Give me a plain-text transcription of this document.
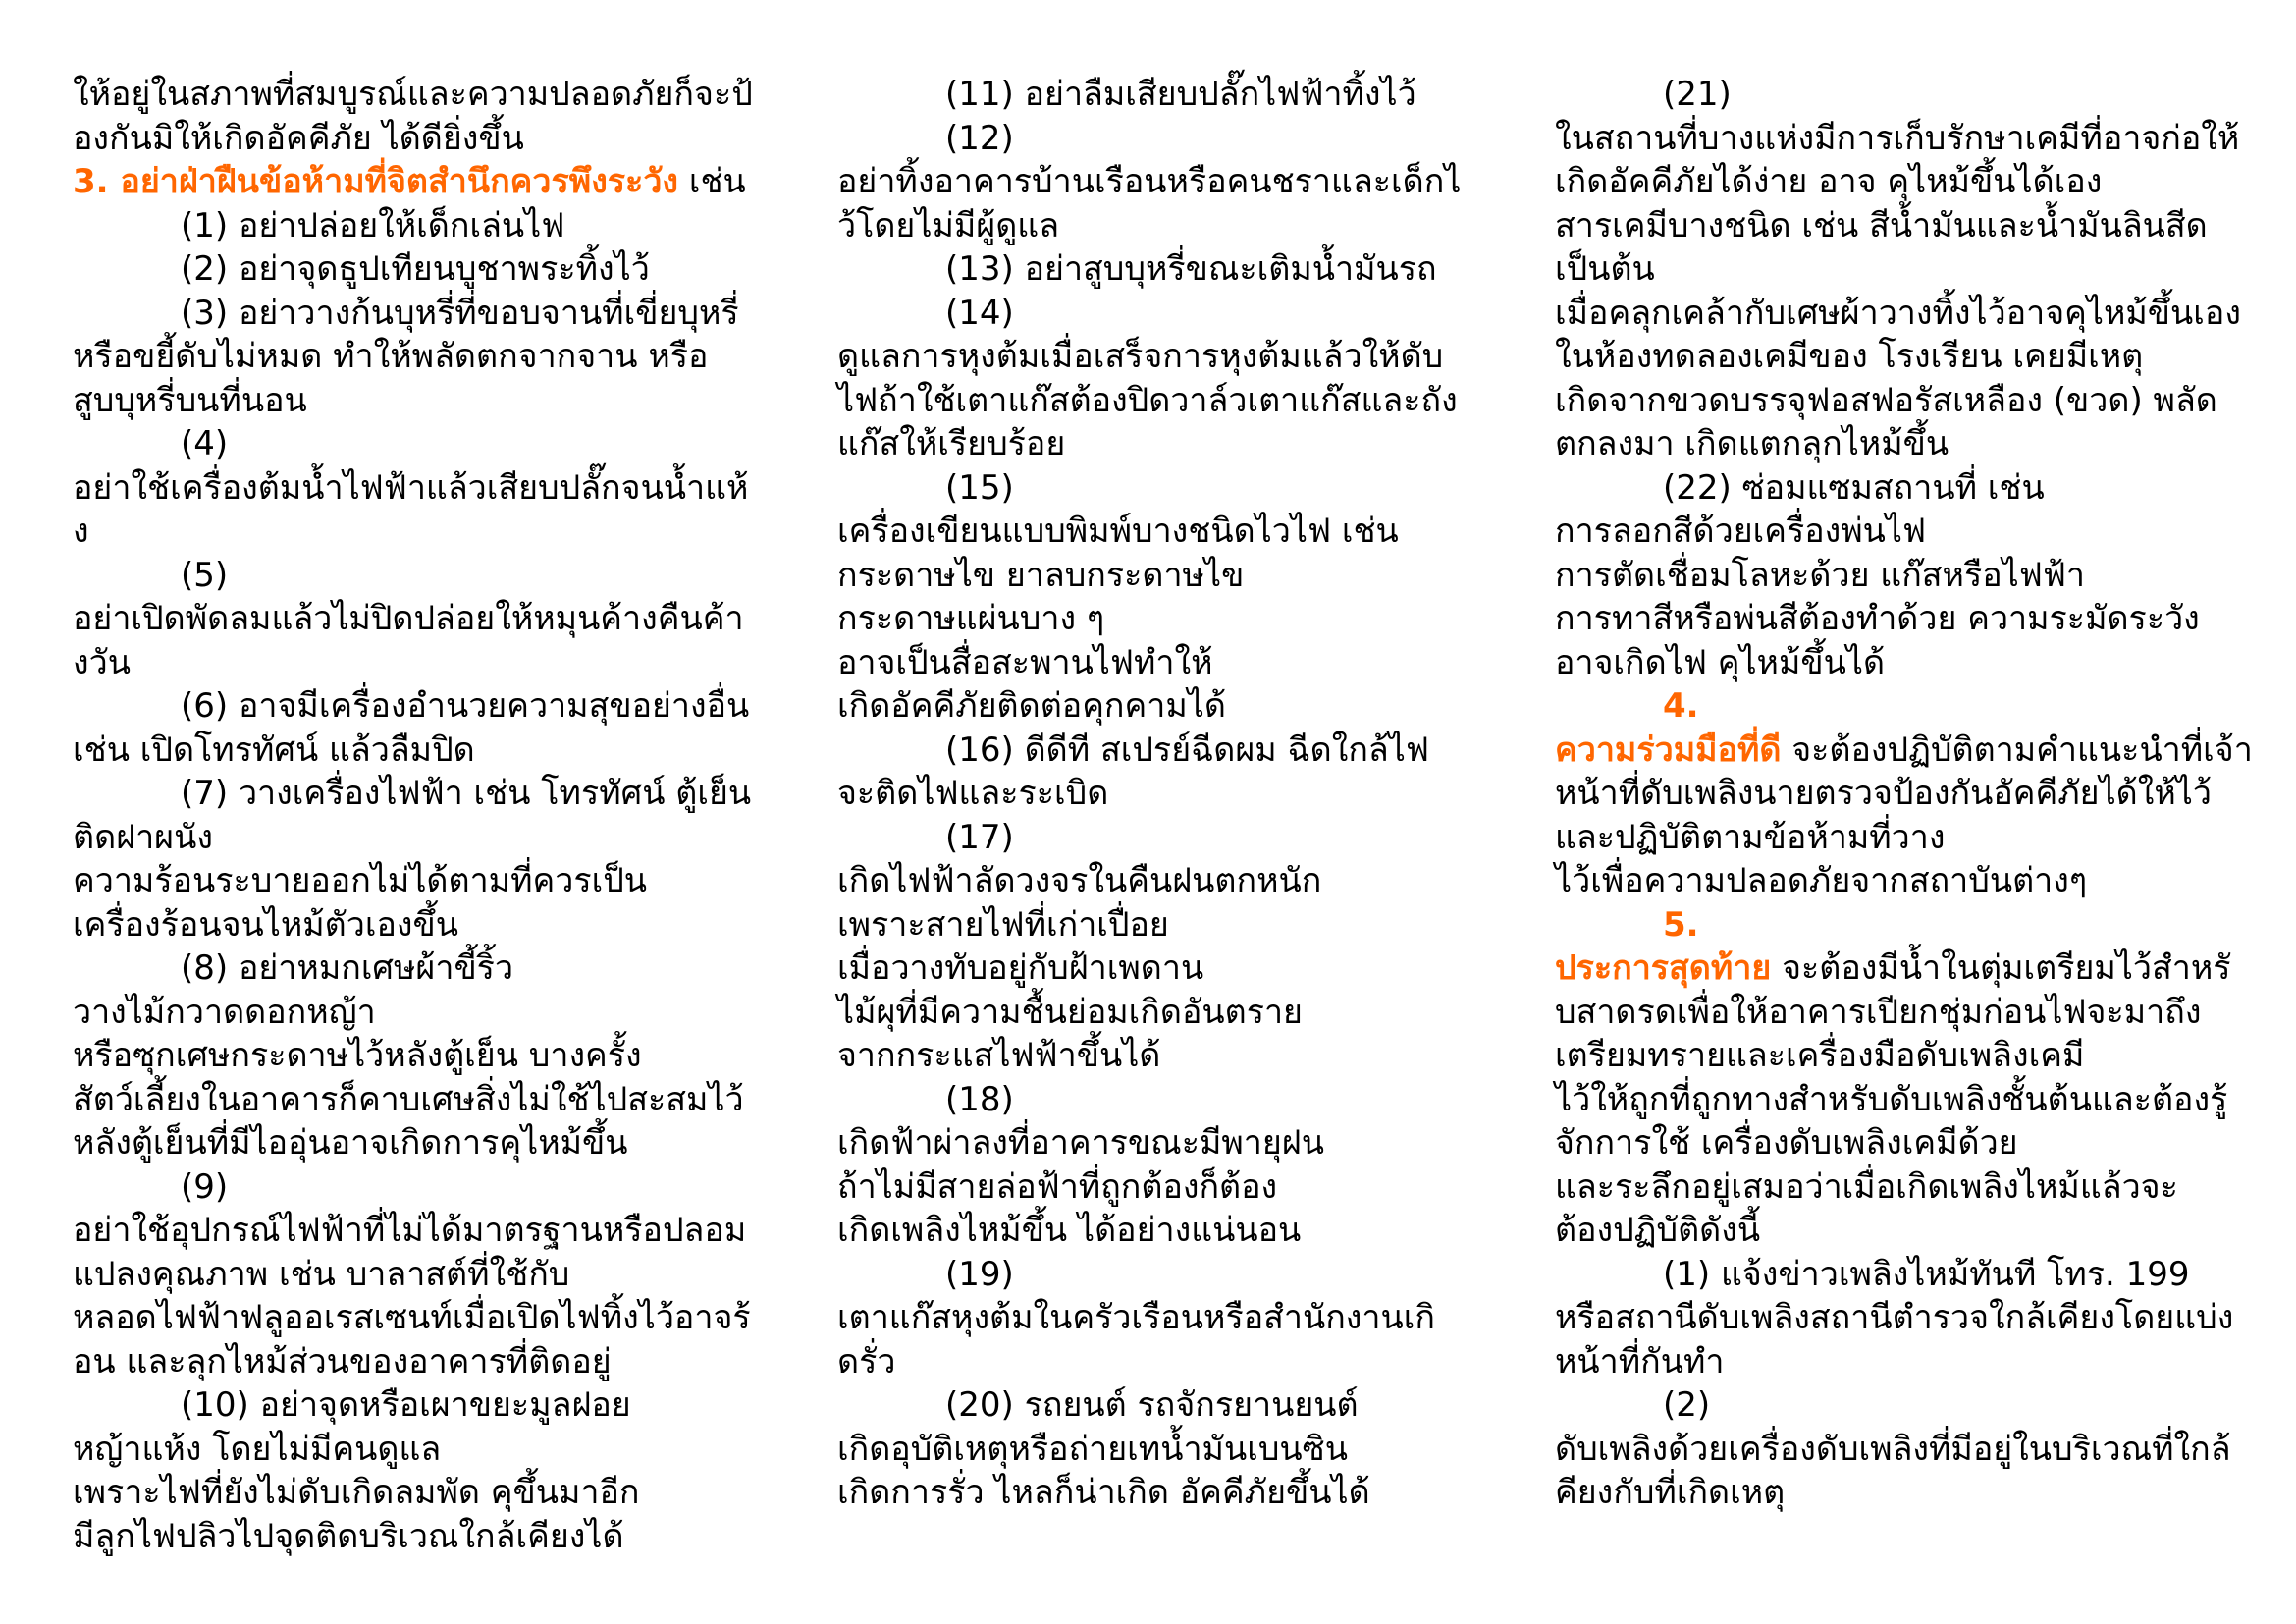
ให้อยู่ในสภาพที่สมบูรณ์และความปลอดภัยก็จะป้
องกันมิให้เกิดอัคคีภัย ได้ดียิ่งขึ้น
3. อย่าฝ่าฝืนข้อห้ามที่จิตสำนึกควรพึงระวัง เช่น
(1) อย่าปล่อยให้เด็กเล่นไฟ
(2) อย่าจุดธูปเทียนบูชาพระทิ้งไว้
(3) อย่าวางก้นบุหรี่ที่ขอบจานที่เขี่ยบุหรี่
หรือขยี้ดับไม่หมด ทำให้พลัดตกจากจาน หรือ
สูบบุหรี่บนที่นอน
(4)
อย่าใช้เครื่องต้มน้ำไฟฟ้าแล้วเสียบปลั๊กจนน้ำแห้
ง
(5)
อย่าเปิดพัดลมแล้วไม่ปิดปล่อยให้หมุนค้างคืนค้า
งวัน
(6) อาจมีเครื่องอำนวยความสุขอย่างอื่น
เช่น เปิดโทรทัศน์ แล้วลืมปิด
(7) วางเครื่องไฟฟ้า เช่น โทรทัศน์ ตู้เย็น
ติดฝาผนัง
ความร้อนระบายออกไม่ได้ตามที่ควรเป็น
เครื่องร้อนจนไหม้ตัวเองขึ้น
(8) อย่าหมกเศษผ้าขี้ริ้ว
วางไม้กวาดดอกหญ้า
หรือซุกเศษกระดาษไว้หลังตู้เย็น บางครั้ง
สัตว์เลี้ยงในอาคารก็คาบเศษสิ่งไม่ใช้ไปสะสมไว้
หลังตู้เย็นที่มีไออุ่นอาจเกิดการคุไหม้ขึ้น
(9)
อย่าใช้อุปกรณ์ไฟฟ้าที่ไม่ได้มาตรฐานหรือปลอม
แปลงคุณภาพ เช่น บาลาสต์ที่ใช้กับ
หลอดไฟฟ้าฟลูออเรสเซนท์เมื่อเปิดไฟทิ้งไว้อาจร้
อน และลุกไหม้ส่วนของอาคารที่ติดอยู่
(10) อย่าจุดหรือเผาขยะมูลฝอย
หญ้าแห้ง โดยไม่มีคนดูแล
เพราะไฟที่ยังไม่ดับเกิดลมพัด คุขึ้นมาอีก
มีลูกไฟปลิวไปจุดติดบริเวณใกล้เคียงได้
(11) อย่าลืมเสียบปลั๊กไฟฟ้าทิ้งไว้
(12)
อย่าทิ้งอาคารบ้านเรือนหรือคนชราและเด็กไ
ว้โดยไม่มีผู้ดูแล
(13) อย่าสูบบุหรี่ขณะเติมน้ำมันรถ
(14)
ดูแลการหุงต้มเมื่อเสร็จการหุงต้มแล้วให้ดับ
ไฟถ้าใช้เตาแก๊สต้องปิดวาล์วเตาแก๊สและถัง
แก๊สให้เรียบร้อย
(15)
เครื่องเขียนแบบพิมพ์บางชนิดไวไฟ เช่น
กระดาษไข ยาลบกระดาษไข
กระดาษแผ่นบาง ๆ
อาจเป็นสื่อสะพานไฟทำให้
เกิดอัคคีภัยติดต่อคุกคามได้
(16) ดีดีที สเปรย์ฉีดผม ฉีดใกล้ไฟ
จะติดไฟและระเบิด
(17)
เกิดไฟฟ้าลัดวงจรในคืนฝนตกหนัก
เพราะสายไฟที่เก่าเปื่อย
เมื่อวางทับอยู่กับฝ้าเพดาน
ไม้ผุที่มีความชื้นย่อมเกิดอันตราย
จากกระแสไฟฟ้าขึ้นได้
(18)
เกิดฟ้าผ่าลงที่อาคารขณะมีพายุฝน
ถ้าไม่มีสายล่อฟ้าที่ถูกต้องก็ต้อง
เกิดเพลิงไหม้ขึ้น ได้อย่างแน่นอน
(19)
เตาแก๊สหุงต้มในครัวเรือนหรือสำนักงานเกิ
ดรั่ว
(20) รถยนต์ รถจักรยานยนต์
เกิดอุบัติเหตุหรือถ่ายเทน้ำมันเบนซิน
เกิดการรั่ว ไหลก็น่าเกิด อัคคีภัยขึ้นได้
(21)
ในสถานที่บางแห่งมีการเก็บรักษาเคมีที่อาจก่อให้
เกิดอัคคีภัยได้ง่าย อาจ คุไหม้ขึ้นได้เอง
สารเคมีบางชนิด เช่น สีน้ำมันและน้ำมันลินสีด
เป็นต้น
เมื่อคลุกเคล้ากับเศษผ้าวางทิ้งไว้อาจคุไหม้ขึ้นเอง
ในห้องทดลองเคมีของ โรงเรียน เคยมีเหตุ
เกิดจากขวดบรรจุฟอสฟอรัสเหลือง (ขวด) พลัด
ตกลงมา เกิดแตกลุกไหม้ขึ้น
(22) ซ่อมแซมสถานที่ เช่น
การลอกสีด้วยเครื่องพ่นไฟ
การตัดเชื่อมโลหะด้วย แก๊สหรือไฟฟ้า
การทาสีหรือพ่นสีต้องทำด้วย ความระมัดระวัง
อาจเกิดไฟ คุไหม้ขึ้นได้
4.
ความร่วมมือที่ดี จะต้องปฏิบัติตามคำแนะนำที่เจ้า
หน้าที่ดับเพลิงนายตรวจป้องกันอัคคีภัยได้ให้ไว้
และปฏิบัติตามข้อห้ามที่วาง
ไว้เพื่อความปลอดภัยจากสถาบันต่างๆ
5.
ประการสุดท้าย จะต้องมีน้ำในตุ่มเตรียมไว้สำหรั
บสาดรดเพื่อให้อาคารเปียกชุ่มก่อนไฟจะมาถึง
เตรียมทรายและเครื่องมือดับเพลิงเคมี
ไว้ให้ถูกที่ถูกทางสำหรับดับเพลิงชั้นต้นและต้องรู้
จักการใช้ เครื่องดับเพลิงเคมีด้วย
และระลึกอยู่เสมอว่าเมื่อเกิดเพลิงไหม้แล้วจะ
ต้องปฏิบัติดังนี้
(1) แจ้งข่าวเพลิงไหม้ทันที โทร. 199
หรือสถานีดับเพลิงสถานีตำรวจใกล้เคียงโดยแบ่ง
หน้าที่กันทำ
(2)
ดับเพลิงด้วยเครื่องดับเพลิงที่มีอยู่ในบริเวณที่ใกล้
คียงกับที่เกิดเหตุ
